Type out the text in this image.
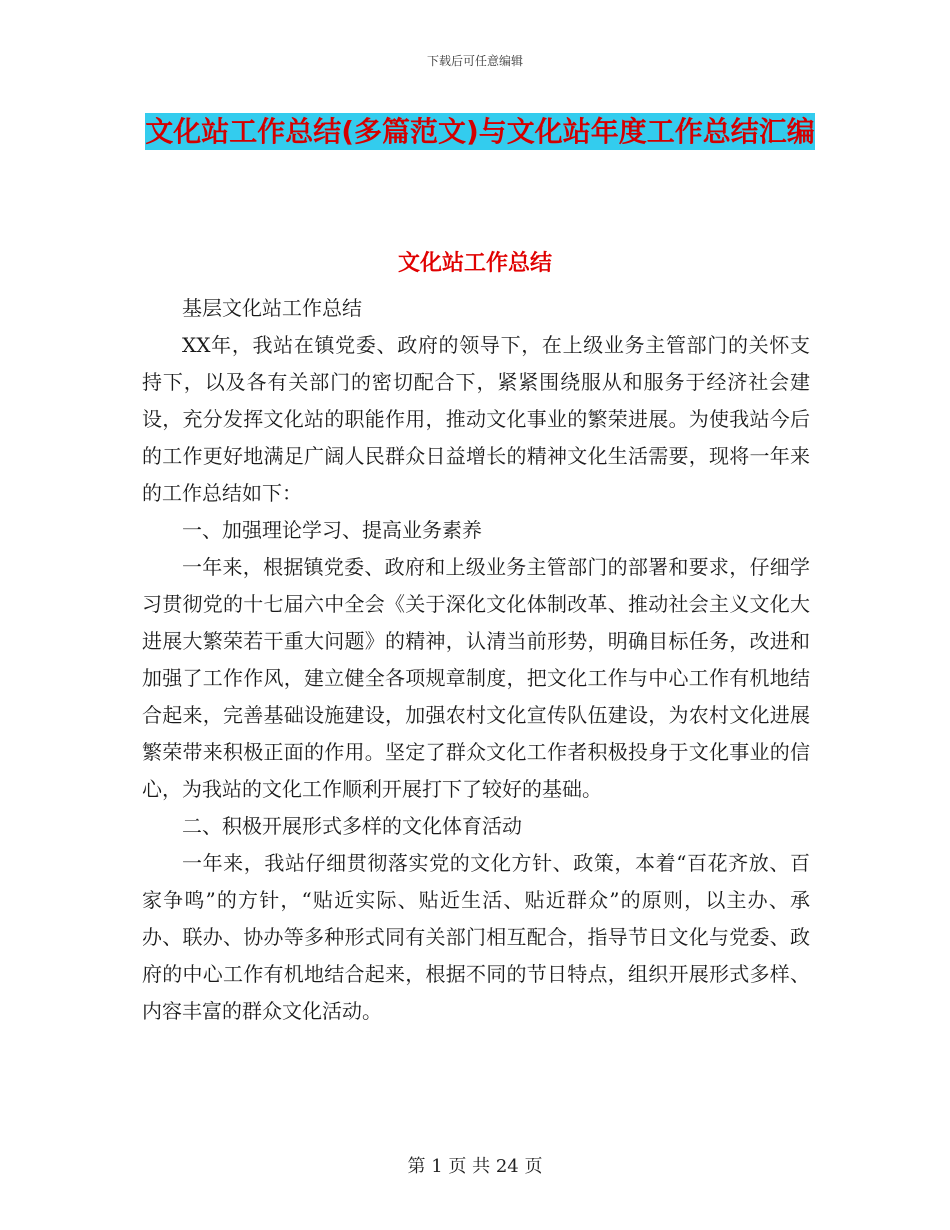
下载后可任意编辑
文化站工作总结(多篇范文)与文化站年度工作总结汇编
文化站工作总结

基层文化站工作总结

XX年，我站在镇党委、政府的领导下，在上级业务主管部门的关怀支持下，以及各有关部门的密切配合下，紧紧围绕服从和服务于经济社会建设，充分发挥文化站的职能作用，推动文化事业的繁荣进展。为使我站今后的工作更好地满足广阔人民群众日益增长的精神文化生活需要，现将一年来的工作总结如下：

一、加强理论学习、提高业务素养

一年来，根据镇党委、政府和上级业务主管部门的部署和要求，仔细学习贯彻党的十七届六中全会《关于深化文化体制改革、推动社会主义文化大进展大繁荣若干重大问题》的精神，认清当前形势，明确目标任务，改进和加强了工作作风，建立健全各项规章制度，把文化工作与中心工作有机地结合起来，完善基础设施建设，加强农村文化宣传队伍建设，为农村文化进展繁荣带来积极正面的作用。坚定了群众文化工作者积极投身于文化事业的信心，为我站的文化工作顺利开展打下了较好的基础。

二、积极开展形式多样的文化体育活动

一年来，我站仔细贯彻落实党的文化方针、政策，本着“百花齐放、百家争鸣”的方针，“贴近实际、贴近生活、贴近群众”的原则，以主办、承办、联办、协办等多种形式同有关部门相互配合，指导节日文化与党委、政府的中心工作有机地结合起来，根据不同的节日特点，组织开展形式多样、内容丰富的群众文化活动。

第 1 页 共 24 页
